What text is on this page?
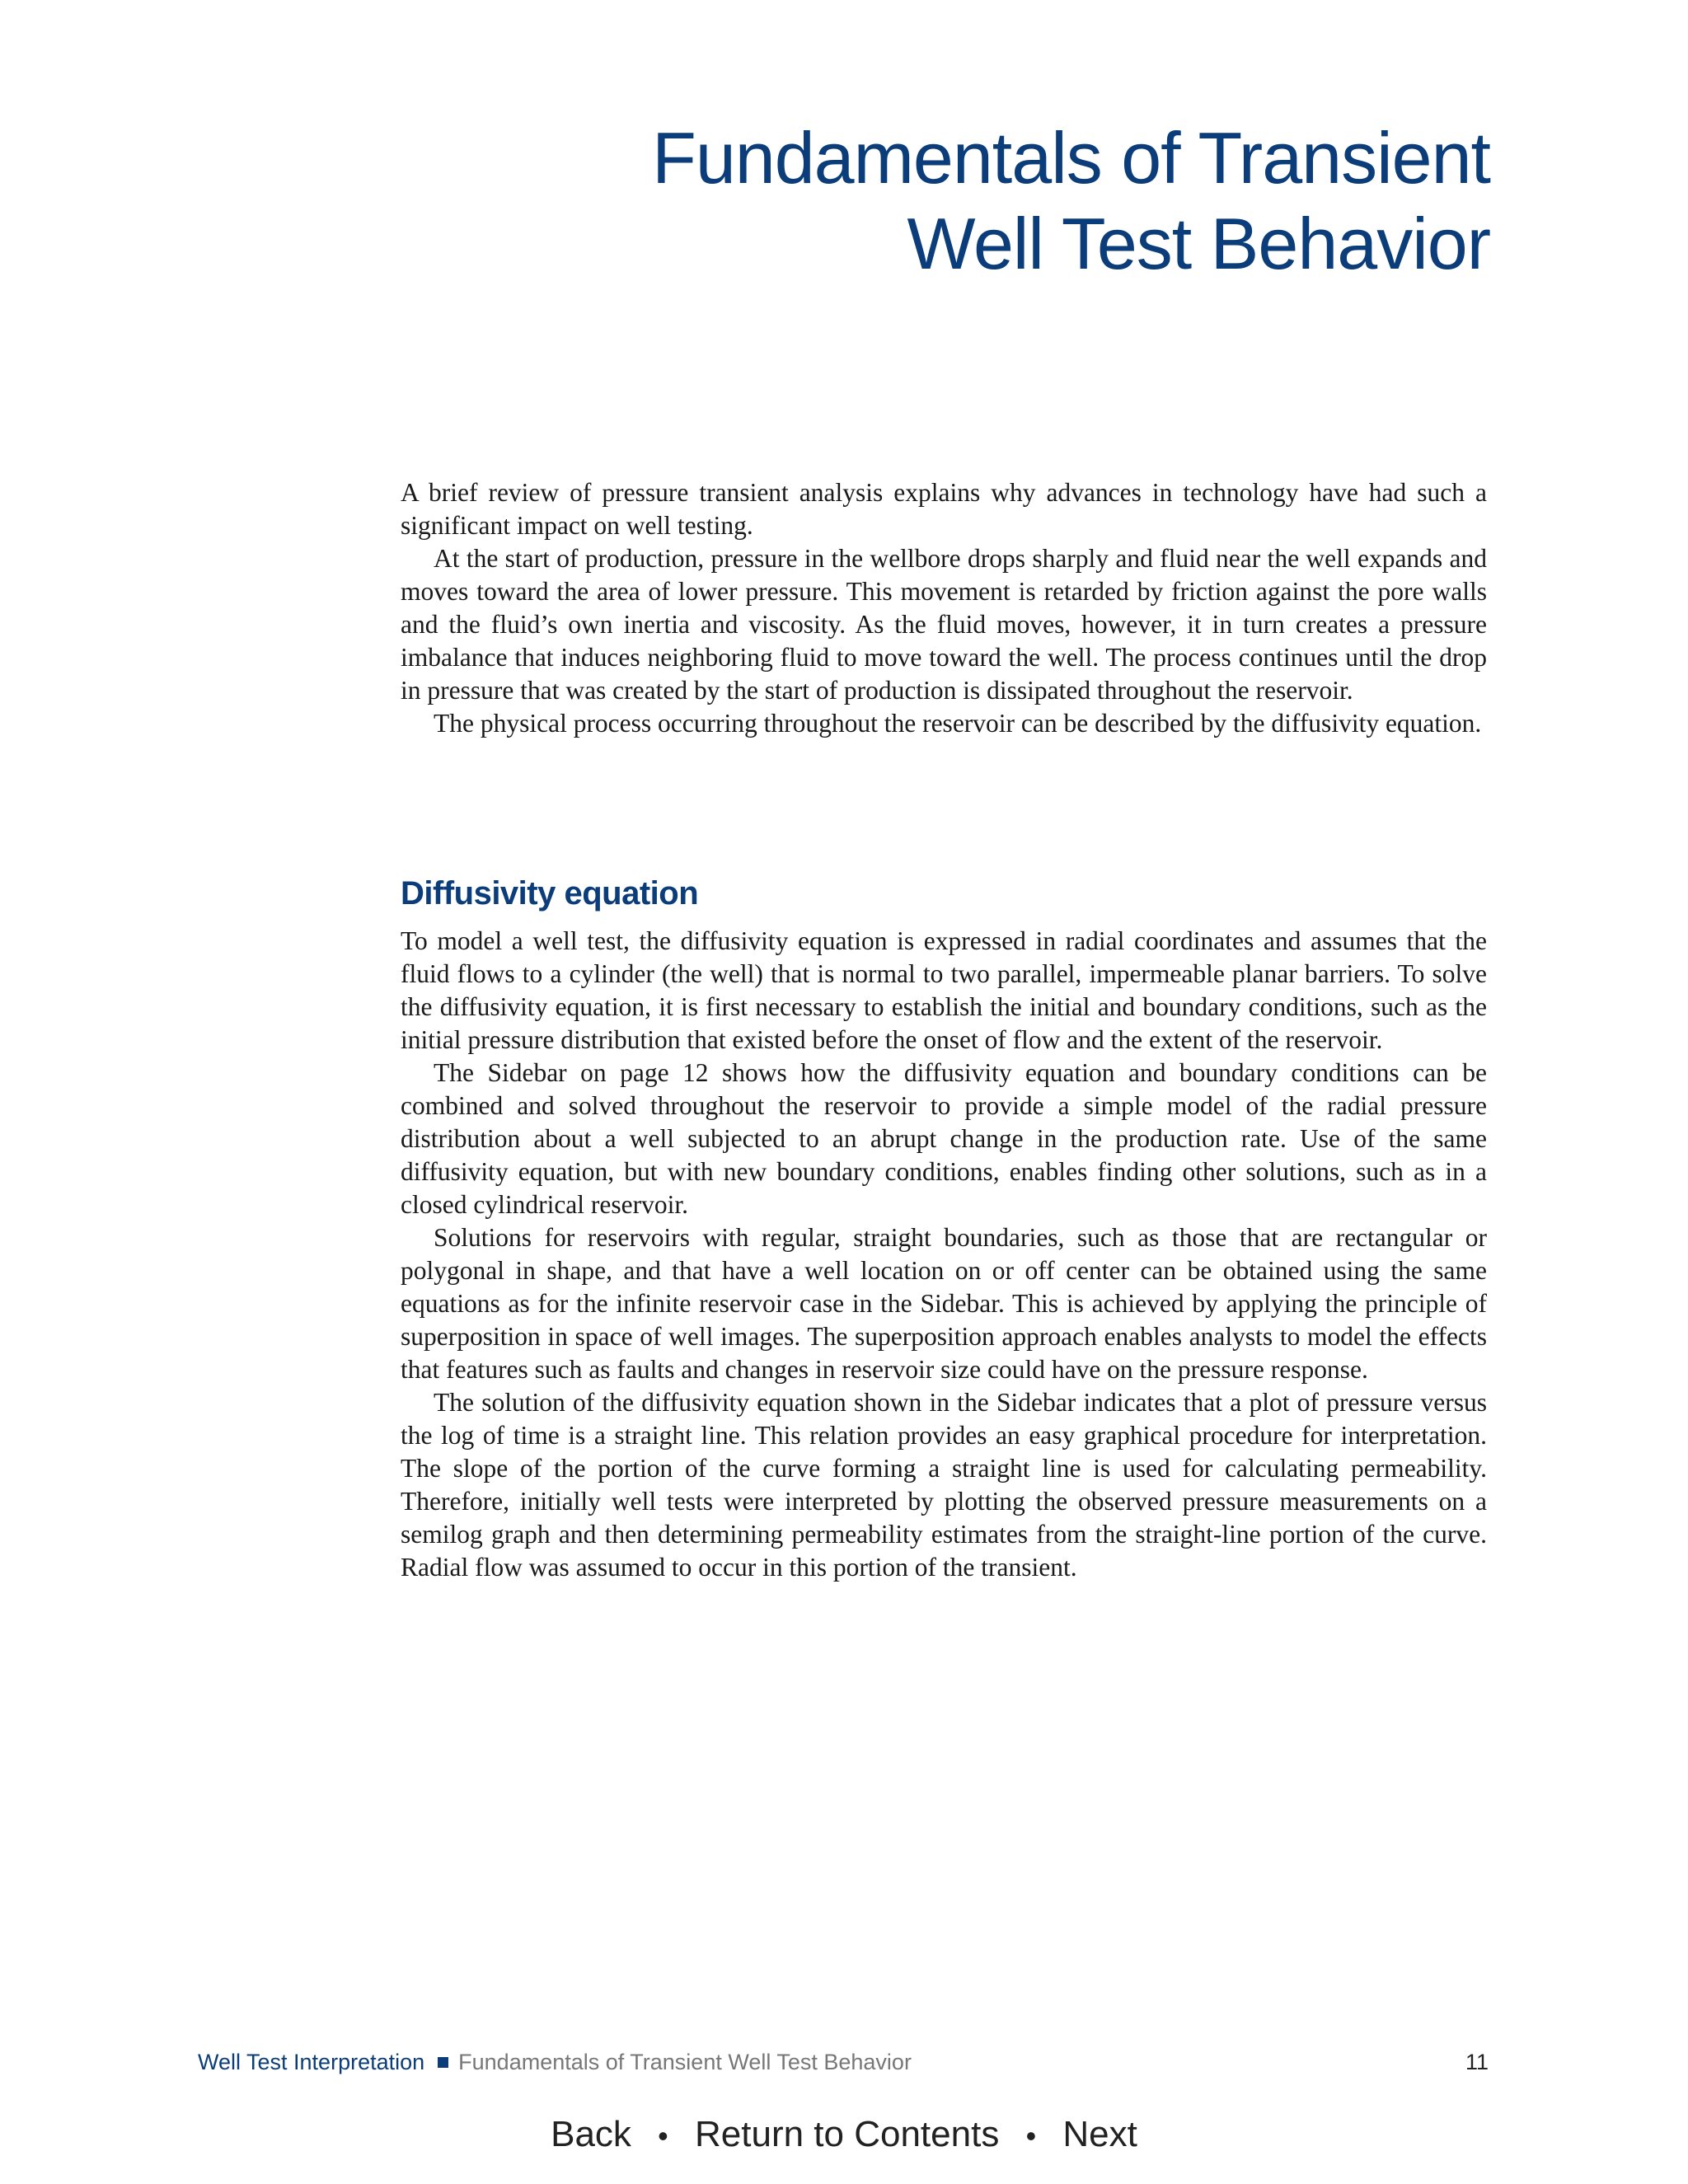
Fundamentals of Transient
Well Test Behavior

A brief review of pressure transient analysis explains why advances in technology have had such a significant impact on well testing.

At the start of production, pressure in the wellbore drops sharply and fluid near the well expands and moves toward the area of lower pressure. This movement is retarded by friction against the pore walls and the fluid’s own inertia and viscosity. As the fluid moves, however, it in turn creates a pressure imbalance that induces neighboring fluid to move toward the well. The process continues until the drop in pressure that was created by the start of production is dissipated throughout the reservoir.

The physical process occurring throughout the reservoir can be described by the diffusivity equation.

Diffusivity equation

To model a well test, the diffusivity equation is expressed in radial coordinates and assumes that the fluid flows to a cylinder (the well) that is normal to two parallel, impermeable planar barriers. To solve the diffusivity equation, it is first necessary to establish the initial and boundary conditions, such as the initial pressure distribution that existed before the onset of flow and the extent of the reservoir.

The Sidebar on page 12 shows how the diffusivity equation and boundary conditions can be combined and solved throughout the reservoir to provide a simple model of the radial pressure distribution about a well subjected to an abrupt change in the production rate. Use of the same diffusivity equation, but with new boundary conditions, enables finding other solutions, such as in a closed cylindrical reservoir.

Solutions for reservoirs with regular, straight boundaries, such as those that are rectangular or polygonal in shape, and that have a well location on or off center can be obtained using the same equations as for the infinite reservoir case in the Sidebar. This is achieved by applying the principle of superposition in space of well images. The superposition approach enables analysts to model the effects that features such as faults and changes in reservoir size could have on the pressure response.

The solution of the diffusivity equation shown in the Sidebar indicates that a plot of pressure versus the log of time is a straight line. This relation provides an easy graphical procedure for interpretation. The slope of the portion of the curve forming a straight line is used for calculating permeability. Therefore, initially well tests were interpreted by plotting the observed pressure measurements on a semilog graph and then determining permeability estimates from the straight-line portion of the curve. Radial flow was assumed to occur in this portion of the transient.

Well Test Interpretation Fundamentals of Transient Well Test Behavior	11
Back • Return to Contents • Next
